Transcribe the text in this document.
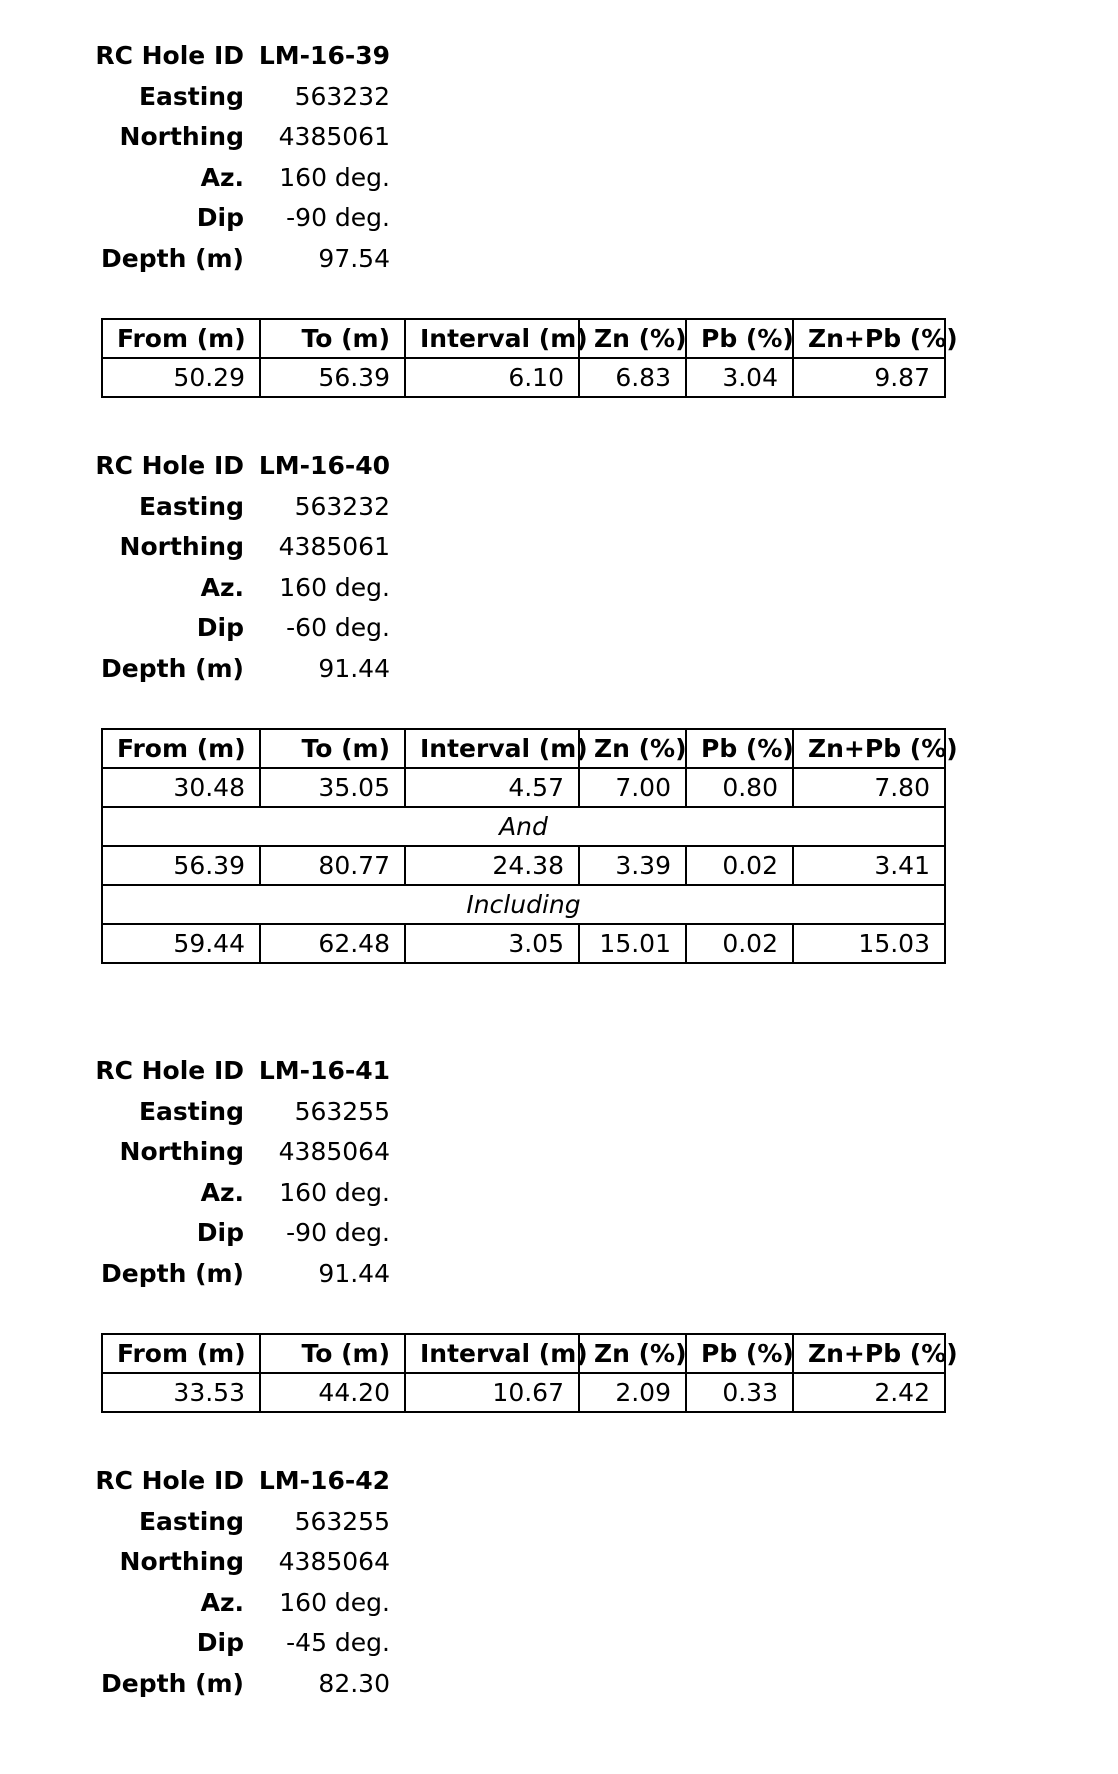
RC Hole ID LM-16-39
Easting	563232
Northing	4385061
Az.	160 deg.
Dip	-90 deg.
Depth (m)	97.54
From (m)	To (m)	Interval (m)	Zn (%)	Pb (%)	Zn+Pb (%)
50.29	56.39	6.10	6.83	3.04	9.87
RC Hole ID LM-16-40
Easting	563232
Northing	4385061
Az.	160 deg.
Dip	-60 deg.
Depth (m)	91.44
From (m)	To (m)	Interval (m)	Zn (%)	Pb (%)	Zn+Pb (%)
30.48	35.05	4.57	7.00	0.80	7.80
And					
56.39	80.77	24.38	3.39	0.02	3.41
Including					
59.44	62.48	3.05	15.01	0.02	15.03
RC Hole ID LM-16-41
Easting	563255
Northing	4385064
Az.	160 deg.
Dip	-90 deg.
Depth (m)	91.44
From (m)	To (m)	Interval (m)	Zn (%)	Pb (%)	Zn+Pb (%)
33.53	44.20	10.67	2.09	0.33	2.42
RC Hole ID LM-16-42
Easting	563255
Northing	4385064
Az.	160 deg.
Dip	-45 deg.
Depth (m)	82.30
